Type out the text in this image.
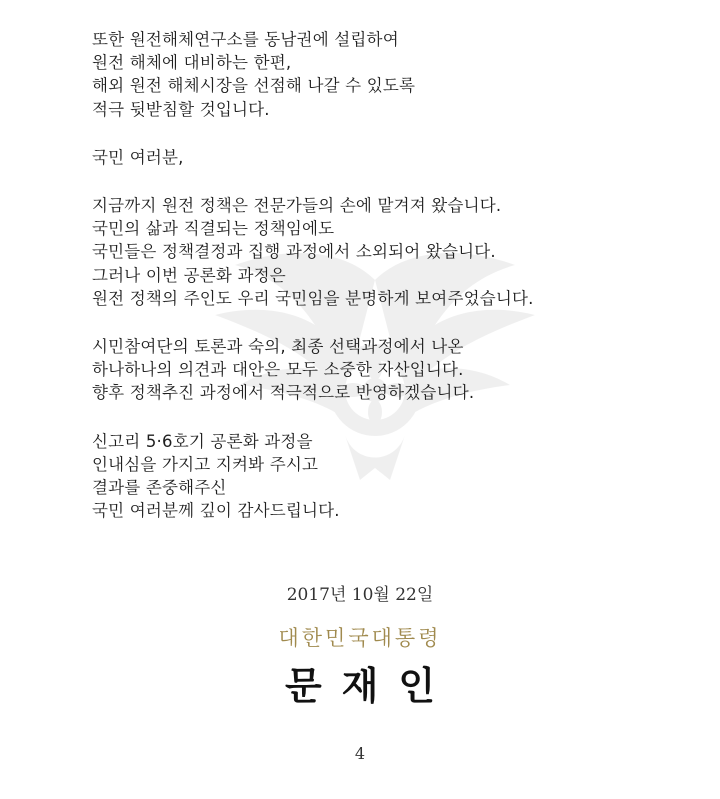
또한 원전해체연구소를 동남권에 설립하여
원전 해체에 대비하는 한편,
해외 원전 해체시장을 선점해 나갈 수 있도록
적극 뒷받침할 것입니다.
국민 여러분,
지금까지 원전 정책은 전문가들의 손에 맡겨져 왔습니다.
국민의 삶과 직결되는 정책임에도
국민들은 정책결정과 집행 과정에서 소외되어 왔습니다.
그러나 이번 공론화 과정은
원전 정책의 주인도 우리 국민임을 분명하게 보여주었습니다.
시민참여단의 토론과 숙의, 최종 선택과정에서 나온
하나하나의 의견과 대안은 모두 소중한 자산입니다.
향후 정책추진 과정에서 적극적으로 반영하겠습니다.
신고리 5·6호기 공론화 과정을
인내심을 가지고 지켜봐 주시고
결과를 존중해주신
국민 여러분께 깊이 감사드립니다.
2017년 10월 22일
대한민국대통령
문재인
4
